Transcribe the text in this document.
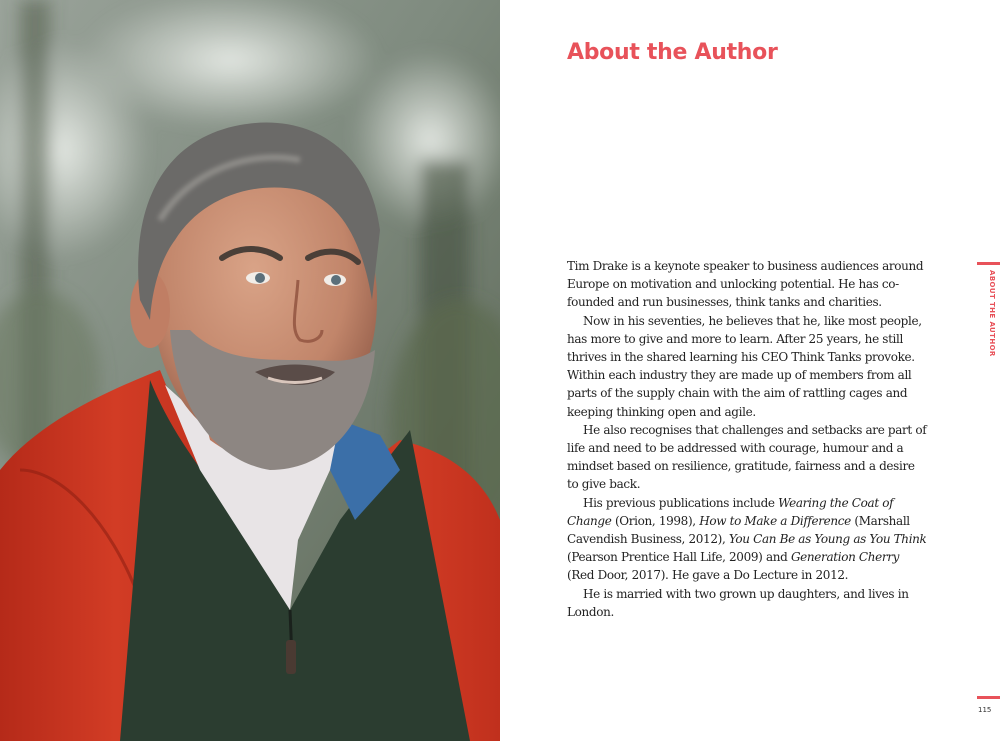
About the Author

Tim Drake is a keynote speaker to business audiences around Europe on motivation and unlocking potential. He has co-founded and run businesses, think tanks and charities.

Now in his seventies, he believes that he, like most people, has more to give and more to learn. After 25 years, he still thrives in the shared learning his CEO Think Tanks provoke. Within each industry they are made up of members from all parts of the supply chain with the aim of rattling cages and keeping thinking open and agile.

He also recognises that challenges and setbacks are part of life and need to be addressed with courage, humour and a mindset based on resilience, gratitude, fairness and a desire to give back.

His previous publications include Wearing the Coat of Change (Orion, 1998), How to Make a Difference (Marshall Cavendish Business, 2012), You Can Be as Young as You Think (Pearson Prentice Hall Life, 2009) and Generation Cherry (Red Door, 2017). He gave a Do Lecture in 2012.

He is married with two grown up daughters, and lives in London.

ABOUT THE AUTHOR
115
